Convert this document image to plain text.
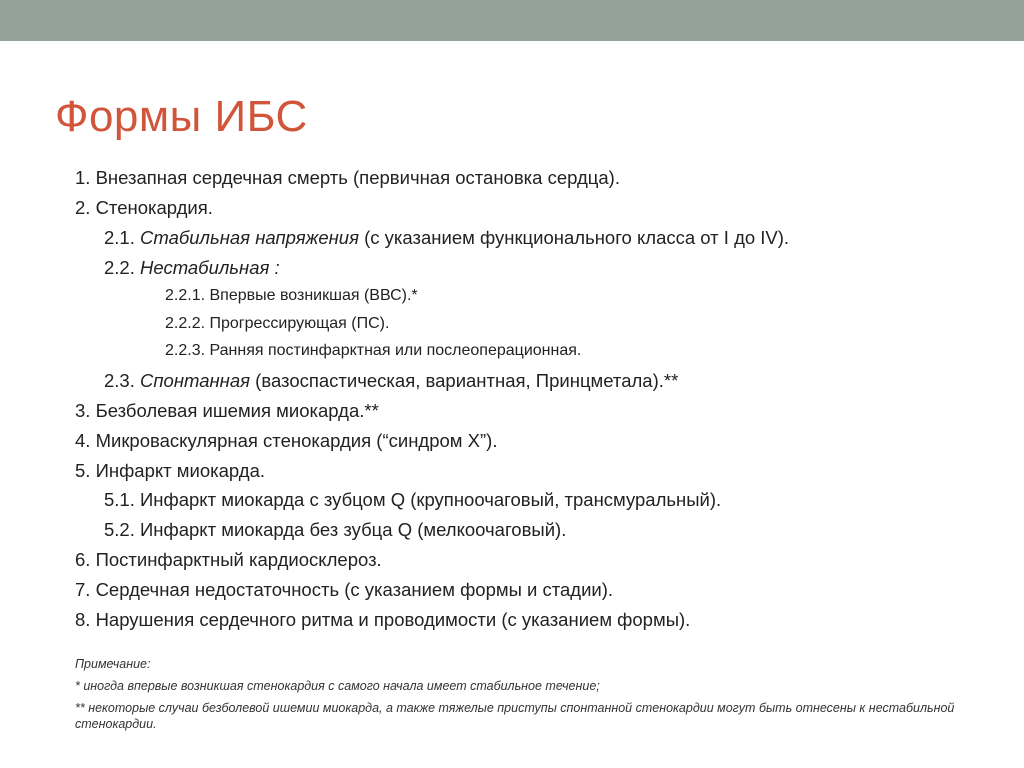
Формы ИБС
1. Внезапная сердечная смерть (первичная остановка сердца).
2. Стенокардия.
2.1. Стабильная напряжения (с указанием функционального класса от I до IV).
2.2. Нестабильная :
2.2.1. Впервые возникшая (ВВС).*
2.2.2. Прогрессирующая (ПС).
2.2.3. Ранняя постинфарктная или послеоперационная.
2.3. Спонтанная (вазоспастическая, вариантная, Принцметала).**
3. Безболевая ишемия миокарда.**
4. Микроваскулярная стенокардия (“синдром Х”).
5. Инфаркт миокарда.
5.1. Инфаркт миокарда с зубцом Q (крупноочаговый, трансмуральный).
5.2. Инфаркт миокарда без зубца Q (мелкоочаговый).
6. Постинфарктный кардиосклероз.
7. Сердечная недостаточность (с указанием формы и стадии).
8. Нарушения сердечного ритма и проводимости (с указанием формы).
Примечание:
* иногда впервые возникшая стенокардия с самого начала имеет стабильное течение;
** некоторые случаи безболевой ишемии миокарда, а также тяжелые приступы спонтанной стенокардии могут быть отнесены к нестабильной стенокардии.
